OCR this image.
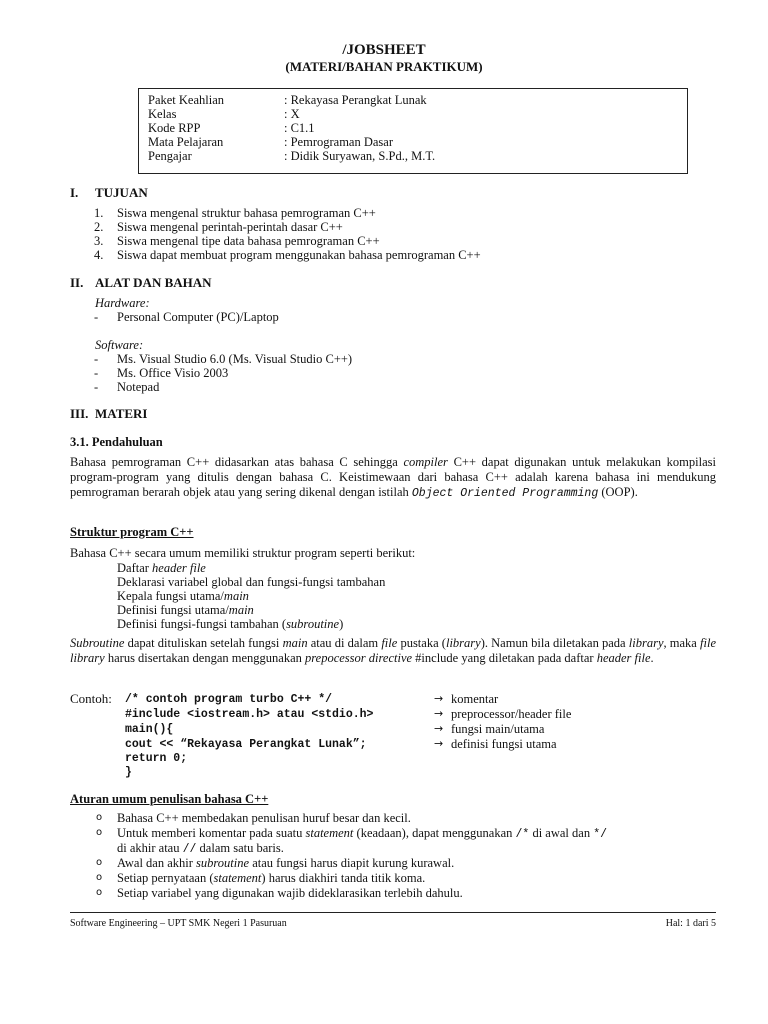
/JOBSHEET
(MATERI/BAHAN PRAKTIKUM)
Paket Keahlian	: Rekayasa Perangkat Lunak
Kelas	: X
Kode RPP	: C1.1
Mata Pelajaran	: Pemrograman Dasar
Pengajar	: Didik Suryawan, S.Pd., M.T.
I. TUJUAN
1. Siswa mengenal struktur bahasa pemrograman C++
2. Siswa mengenal perintah-perintah dasar C++
3. Siswa mengenal tipe data bahasa pemrograman C++
4. Siswa dapat membuat program menggunakan bahasa pemrograman C++
II. ALAT DAN BAHAN
Hardware:
- Personal Computer (PC)/Laptop
Software:
- Ms. Visual Studio 6.0 (Ms. Visual Studio C++)
- Ms. Office Visio 2003
- Notepad
III. MATERI
3.1. Pendahuluan
Bahasa pemrograman C++ didasarkan atas bahasa C sehingga compiler C++ dapat digunakan untuk melakukan kompilasi program-program yang ditulis dengan bahasa C. Keistimewaan dari bahasa C++ adalah karena bahasa ini mendukung pemrograman berarah objek atau yang sering dikenal dengan istilah Object Oriented Programming (OOP).
Struktur program C++
Bahasa C++ secara umum memiliki struktur program seperti berikut:
Daftar header file
Deklarasi variabel global dan fungsi-fungsi tambahan
Kepala fungsi utama/main
Definisi fungsi utama/main
Definisi fungsi-fungsi tambahan (subroutine)
Subroutine dapat dituliskan setelah fungsi main atau di dalam file pustaka (library). Namun bila diletakan pada library, maka file library harus disertakan dengan menggunakan prepocessor directive #include yang diletakan pada daftar header file.
Contoh: /* contoh program turbo C++ */	→ komentar
#include <iostream.h> atau <stdio.h>	→ preprocessor/header file
main(){	→ fungsi main/utama
cout << “Rekayasa Perangkat Lunak”;	→ definisi fungsi utama
return 0;
}
Aturan umum penulisan bahasa C++
o Bahasa C++ membedakan penulisan huruf besar dan kecil.
o Untuk memberi komentar pada suatu statement (keadaan), dapat menggunakan /* di awal dan */
di akhir atau // dalam satu baris.
o Awal dan akhir subroutine atau fungsi harus diapit kurung kurawal.
o Setiap pernyataan (statement) harus diakhiri tanda titik koma.
o Setiap variabel yang digunakan wajib dideklarasikan terlebih dahulu.
Software Engineering – UPT SMK Negeri 1 Pasuruan	Hal: 1 dari 5
